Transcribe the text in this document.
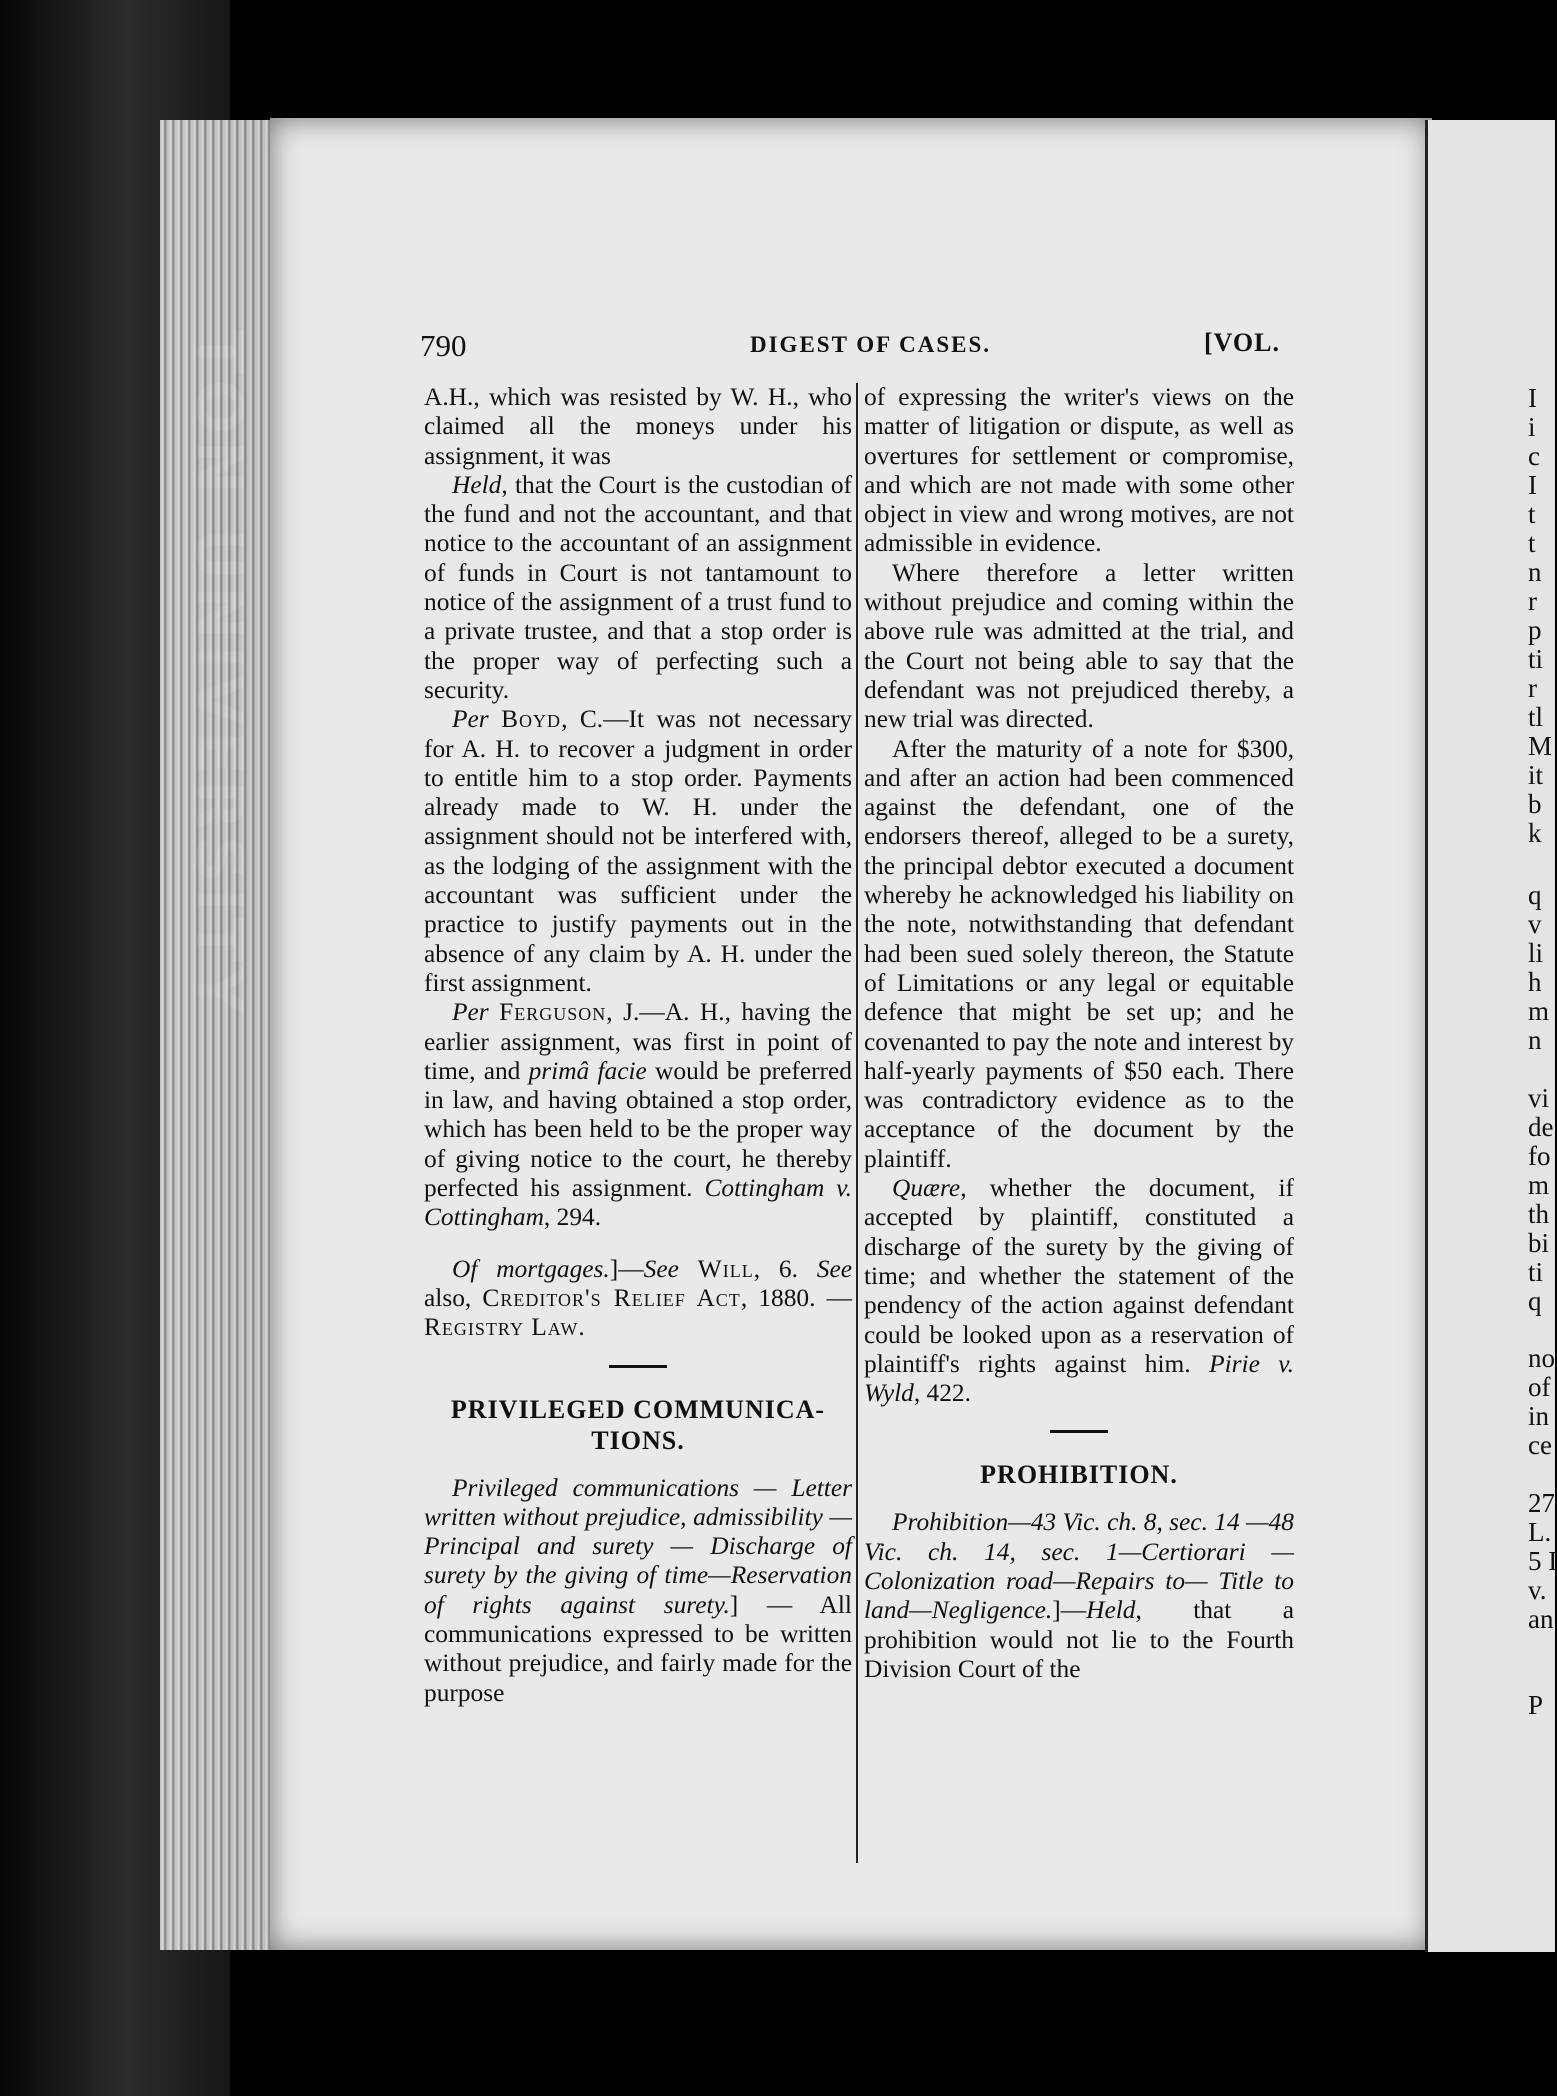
I
i
c
I
t
t
n
r
p
ti
r
tl
M
it
b
k
q
v
li
h
m
n
vi
de
fo
m
th
bi
ti
q
no
of
in
ce
27
L.
5 I
v.
an
P
790	DIGEST OF CASES.	[VOL.

A.H., which was resisted by W. H., who claimed all the moneys under his assignment, it was

Held, that the Court is the custodian of the fund and not the accountant, and that notice to the accountant of an assignment of funds in Court is not tantamount to notice of the assignment of a trust fund to a private trustee, and that a stop order is the proper way of perfecting such a security.

Per Boyd, C.—It was not necessary for A. H. to recover a judgment in order to entitle him to a stop order. Payments already made to W. H. under the assignment should not be interfered with, as the lodging of the assignment with the accountant was sufficient under the practice to justify payments out in the absence of any claim by A. H. under the first assignment.

Per Ferguson, J.—A. H., having the earlier assignment, was first in point of time, and primâ facie would be preferred in law, and having obtained a stop order, which has been held to be the proper way of giving notice to the court, he thereby perfected his assignment. Cottingham v. Cottingham, 294.

Of mortgages.]—See Will, 6. See also, Creditor's Relief Act, 1880. —Registry Law.

PRIVILEGED COMMUNICA-
TIONS.

Privileged communications — Letter written without prejudice, admissibility — Principal and surety — Discharge of surety by the giving of time—Reservation of rights against surety.] — All communications expressed to be written without prejudice, and fairly made for the purpose

of expressing the writer's views on the matter of litigation or dispute, as well as overtures for settlement or compromise, and which are not made with some other object in view and wrong motives, are not admissible in evidence.

Where therefore a letter written without prejudice and coming within the above rule was admitted at the trial, and the Court not being able to say that the defendant was not prejudiced thereby, a new trial was directed.

After the maturity of a note for $300, and after an action had been commenced against the defendant, one of the endorsers thereof, alleged to be a surety, the principal debtor executed a document whereby he acknowledged his liability on the note, notwithstanding that defendant had been sued solely thereon, the Statute of Limitations or any legal or equitable defence that might be set up; and he covenanted to pay the note and interest by half-yearly payments of $50 each. There was contradictory evidence as to the acceptance of the document by the plaintiff.

Quære, whether the document, if accepted by plaintiff, constituted a discharge of the surety by the giving of time; and whether the statement of the pendency of the action against defendant could be looked upon as a reservation of plaintiff's rights against him. Pirie v. Wyld, 422.

PROHIBITION.

Prohibition—43 Vic. ch. 8, sec. 14 —48 Vic. ch. 14, sec. 1—Certiorari —Colonization road—Repairs to— Title to land—Negligence.]—Held, that a prohibition would not lie to the Fourth Division Court of the
